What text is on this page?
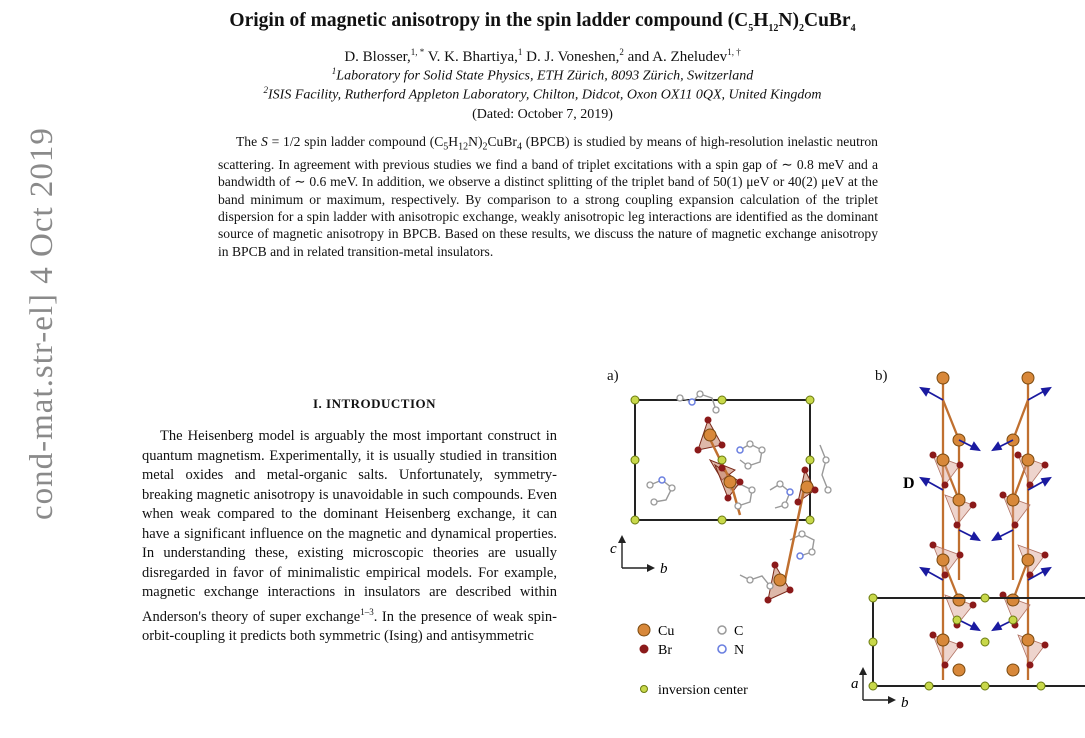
cond-mat.str-el] 4 Oct 2019
Origin of magnetic anisotropy in the spin ladder compound $(C_5H_{12}N)_2CuBr_4$
D. Blosser,$^{1, *}$ V. K. Bhartiya,$^1$ D. J. Voneshen,$^2$ and A. Zheludev$^{1, \dagger}$
$^1$Laboratory for Solid State Physics, ETH Zürich, 8093 Zürich, Switzerland
$^2$ISIS Facility, Rutherford Appleton Laboratory, Chilton, Didcot, Oxon OX11 0QX, United Kingdom
(Dated: October 7, 2019)

The S = 1/2 spin ladder compound $(C_5H_{12}N)_2CuBr_4$ (BPCB) is studied by means of high-resolution inelastic neutron scattering. In agreement with previous studies we find a band of triplet excitations with a spin gap of ∼ 0.8 meV and a bandwidth of ∼ 0.6 meV. In addition, we observe a distinct splitting of the triplet band of 50(1) μeV or 40(2) μeV at the band minimum or maximum, respectively. By comparison to a strong coupling expansion calculation of the triplet dispersion for a spin ladder with anisotropic exchange, weakly anisotropic leg interactions are identified as the dominant source of magnetic anisotropy in BPCB. Based on these results, we discuss the nature of magnetic exchange anisotropy in BPCB and in related transition-metal insulators.

I. INTRODUCTION

The Heisenberg model is arguably the most important construct in quantum magnetism. Experimentally, it is usually studied in transition metal oxides and metal-organic salts. Unfortunately, symmetry-breaking magnetic anisotropy is unavoidable in such compounds. Even when weak compared to the dominant Heisenberg exchange, it can have a significant influence on the magnetic and dynamical properties. In understanding these, existing microscopic theories are usually disregarded in favor of minimalistic empirical models. For example, magnetic exchange interactions in insulators are described within Anderson's theory of super exchange$^{1-3}$. In the presence of weak spin-orbit-coupling it predicts both symmetric (Ising) and antisymmetric

a)
c
b
Cu
Br
C
N
inversion center
b)
D
a
b
